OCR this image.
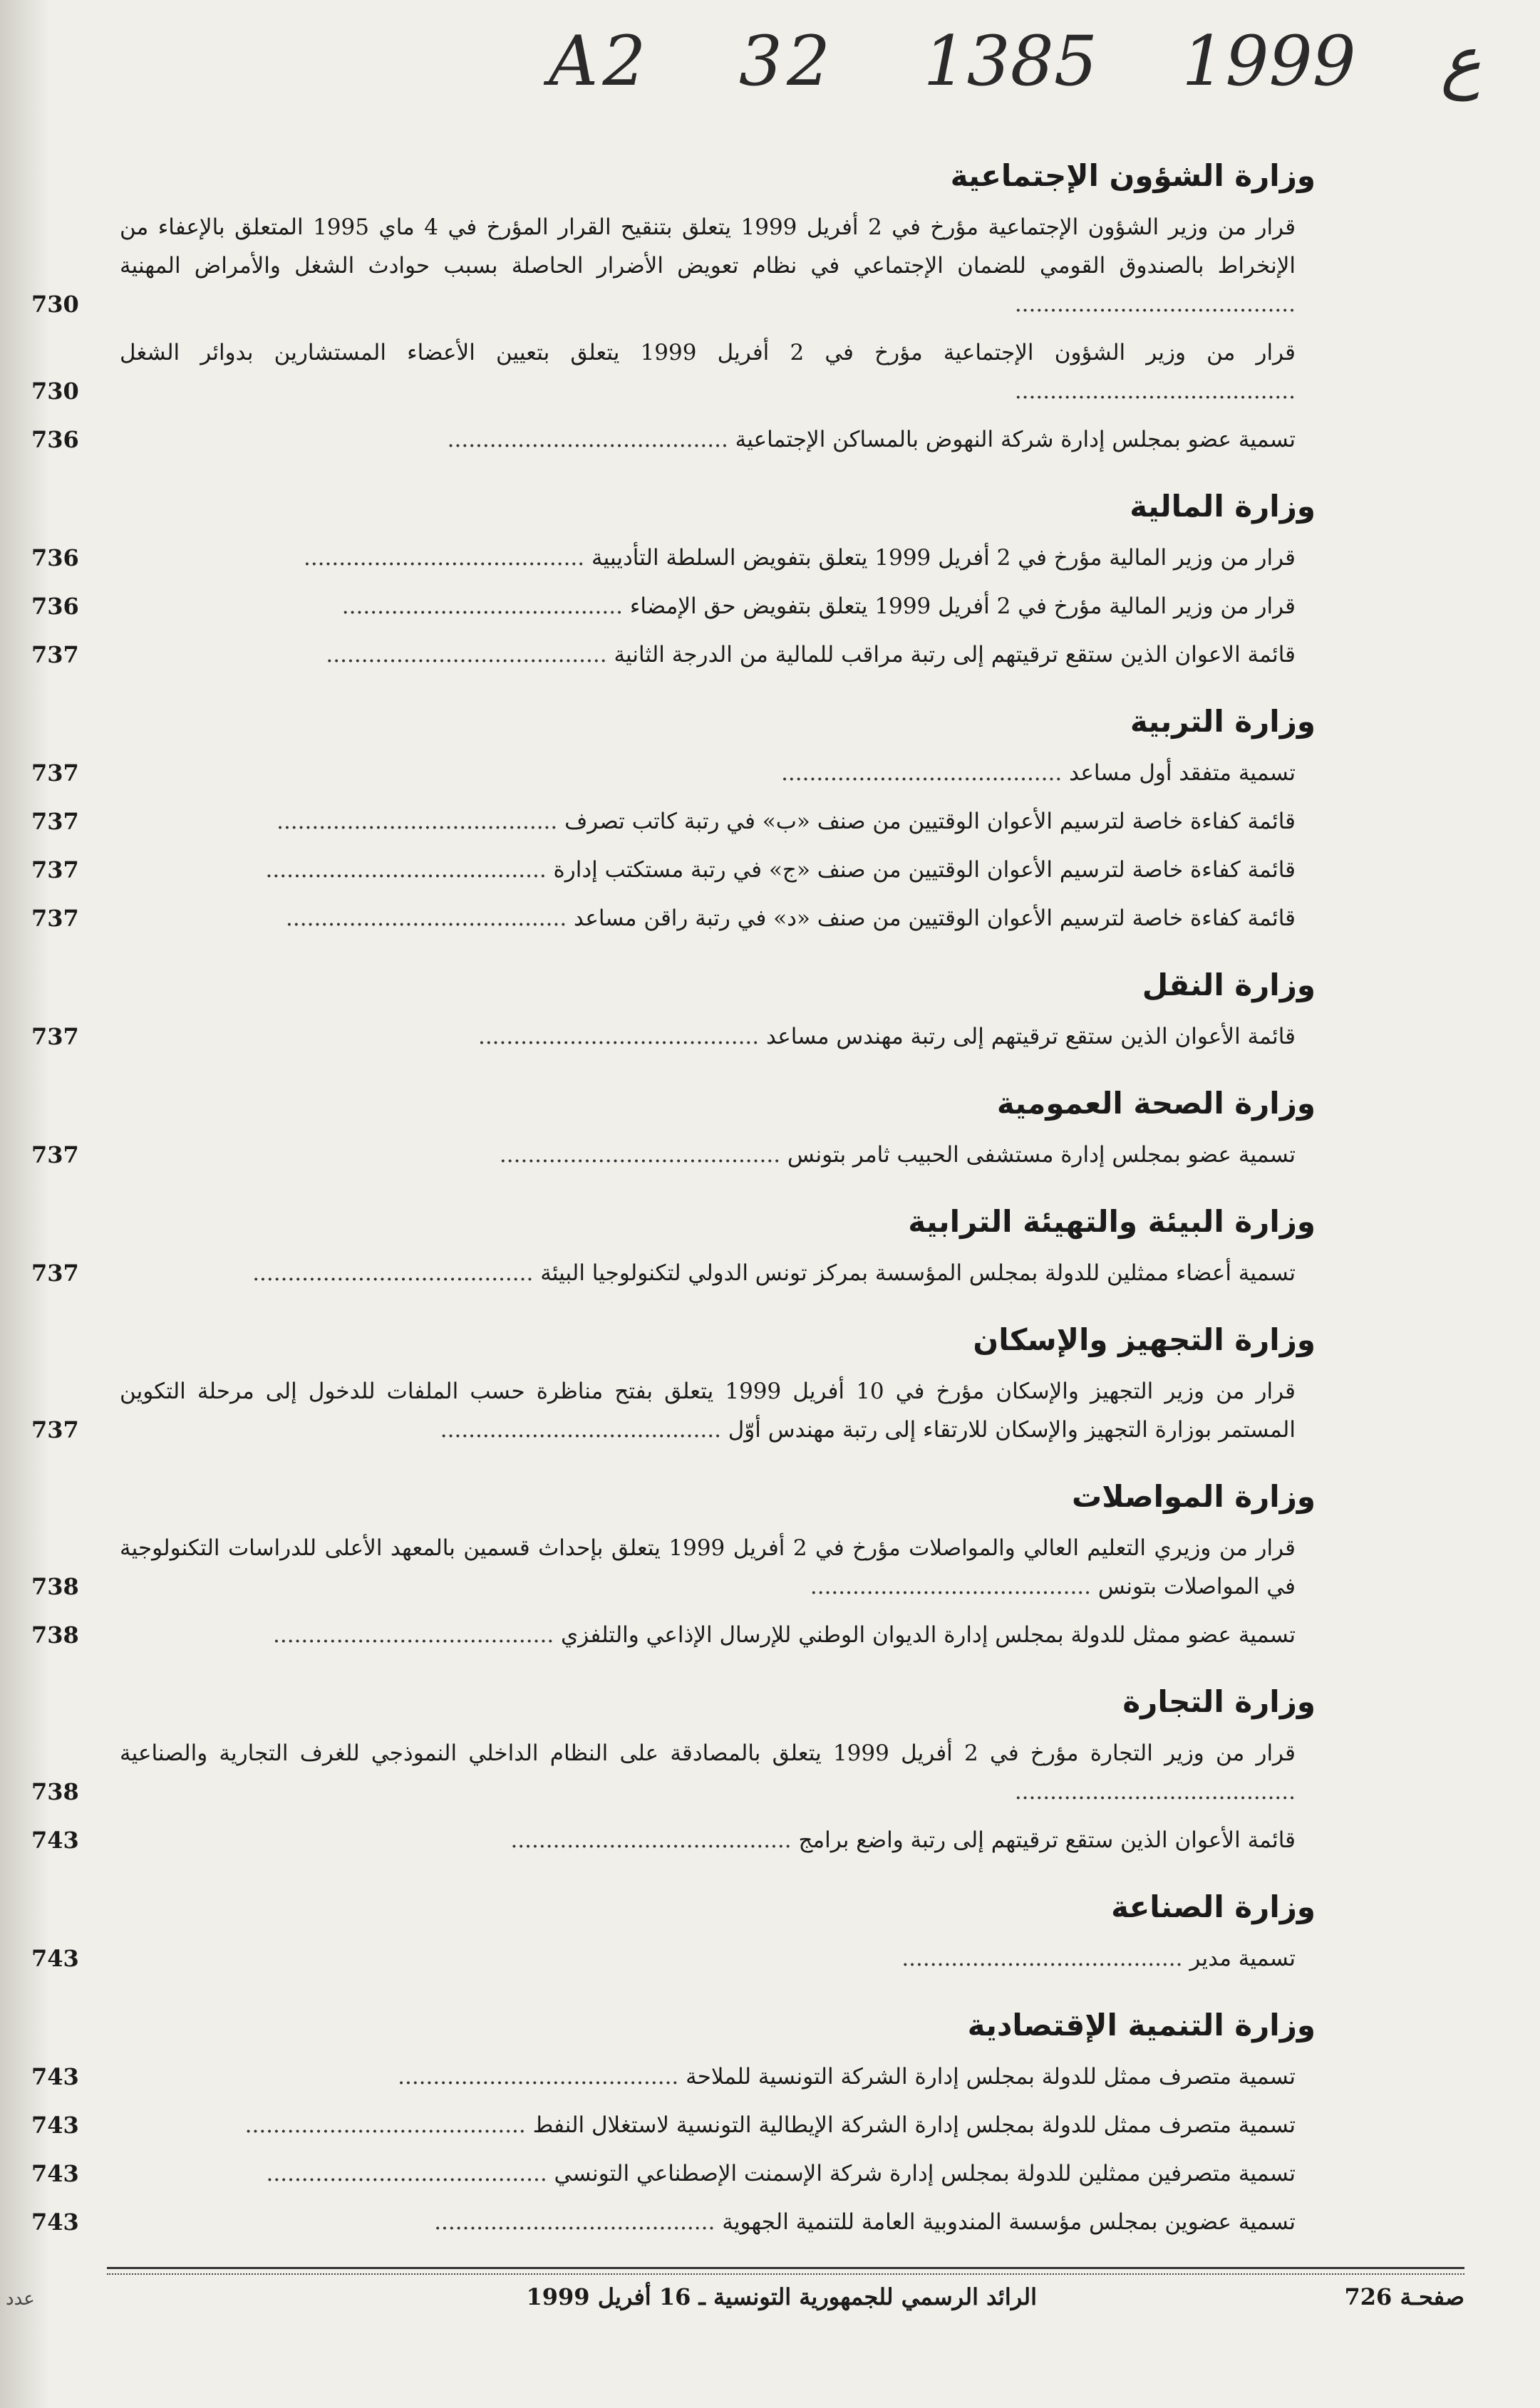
A2 32	ع 1999 1385
وزارة الشؤون الإجتماعية
قرار من وزير الشؤون الإجتماعية مؤرخ في 2 أفريل 1999 يتعلق بتنقيح القرار المؤرخ في 4 ماي 1995 المتعلق بالإعفاء من الإنخراط بالصندوق القومي للضمان الإجتماعي في نظام تعويض الأضرار الحاصلة بسبب حوادث الشغل والأمراض المهنية ........................................
730
قرار من وزير الشؤون الإجتماعية مؤرخ في 2 أفريل 1999 يتعلق بتعيين الأعضاء المستشارين بدوائر الشغل ........................................
730
تسمية عضو بمجلس إدارة شركة النهوض بالمساكن الإجتماعية ........................................
736
وزارة المالية
قرار من وزير المالية مؤرخ في 2 أفريل 1999 يتعلق بتفويض السلطة التأديبية ........................................
736
قرار من وزير المالية مؤرخ في 2 أفريل 1999 يتعلق بتفويض حق الإمضاء ........................................
736
قائمة الاعوان الذين ستقع ترقيتهم إلى رتبة مراقب للمالية من الدرجة الثانية ........................................
737
وزارة التربية
تسمية متفقد أول مساعد ........................................
737
قائمة كفاءة خاصة لترسيم الأعوان الوقتيين من صنف «ب» في رتبة كاتب تصرف ........................................
737
قائمة كفاءة خاصة لترسيم الأعوان الوقتيين من صنف «ج» في رتبة مستكتب إدارة ........................................
737
قائمة كفاءة خاصة لترسيم الأعوان الوقتيين من صنف «د» في رتبة راقن مساعد ........................................
737
وزارة النقل
قائمة الأعوان الذين ستقع ترقيتهم إلى رتبة مهندس مساعد ........................................
737
وزارة الصحة العمومية
تسمية عضو بمجلس إدارة مستشفى الحبيب ثامر بتونس ........................................
737
وزارة البيئة والتهيئة الترابية
تسمية أعضاء ممثلين للدولة بمجلس المؤسسة بمركز تونس الدولي لتكنولوجيا البيئة ........................................
737
وزارة التجهيز والإسكان
قرار من وزير التجهيز والإسكان مؤرخ في 10 أفريل 1999 يتعلق بفتح مناظرة حسب الملفات للدخول إلى مرحلة التكوين المستمر بوزارة التجهيز والإسكان للارتقاء إلى رتبة مهندس أوّل ........................................
737
وزارة المواصلات
قرار من وزيري التعليم العالي والمواصلات مؤرخ في 2 أفريل 1999 يتعلق بإحداث قسمين بالمعهد الأعلى للدراسات التكنولوجية في المواصلات بتونس ........................................
738
تسمية عضو ممثل للدولة بمجلس إدارة الديوان الوطني للإرسال الإذاعي والتلفزي ........................................
738
وزارة التجارة
قرار من وزير التجارة مؤرخ في 2 أفريل 1999 يتعلق بالمصادقة على النظام الداخلي النموذجي للغرف التجارية والصناعية ........................................
738
قائمة الأعوان الذين ستقع ترقيتهم إلى رتبة واضع برامج ........................................
743
وزارة الصناعة
تسمية مدير ........................................
743
وزارة التنمية الإقتصادية
تسمية متصرف ممثل للدولة بمجلس إدارة الشركة التونسية للملاحة ........................................
743
تسمية متصرف ممثل للدولة بمجلس إدارة الشركة الإيطالية التونسية لاستغلال النفط ........................................
743
تسمية متصرفين ممثلين للدولة بمجلس إدارة شركة الإسمنت الإصطناعي التونسي ........................................
743
تسمية عضوين بمجلس مؤسسة المندوبية العامة للتنمية الجهوية ........................................
743
صفحـة 726
الرائد الرسمي للجمهورية التونسية ـ 16 أفريل 1999
عدد
